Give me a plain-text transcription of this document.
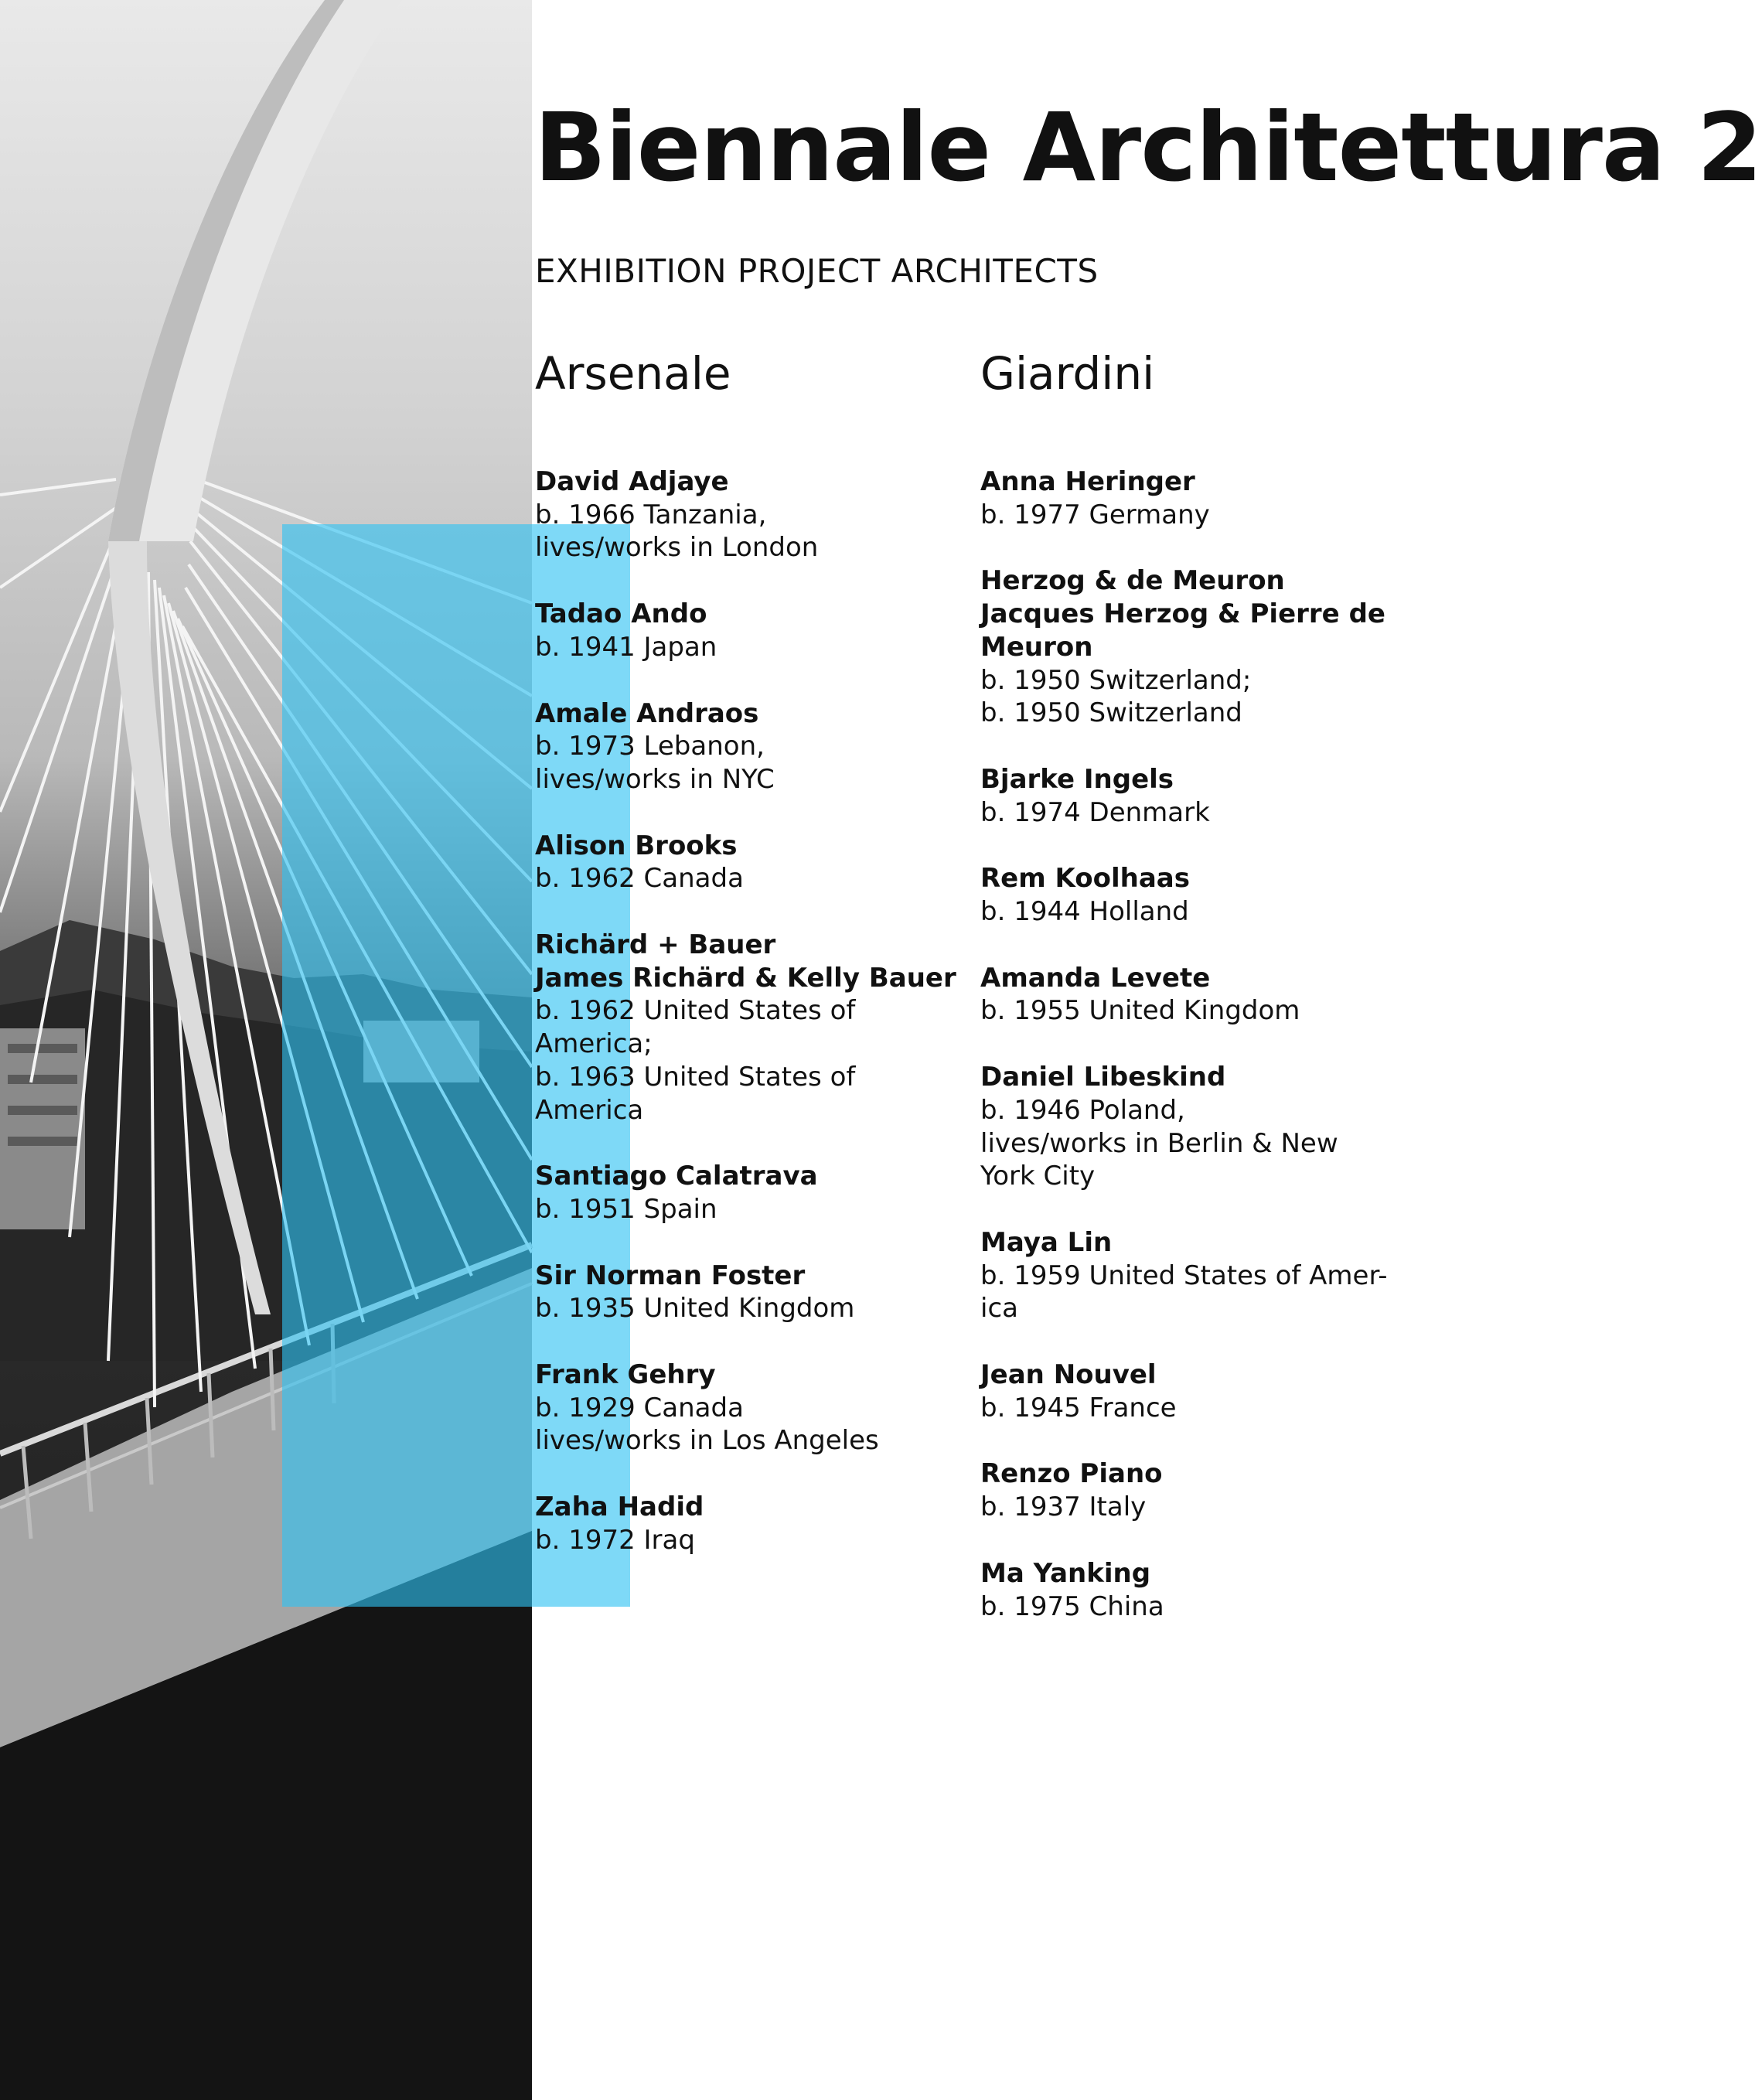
Biennale Architettura 2
EXHIBITION PROJECT ARCHITECTS
Arsenale
David Adjaye
b. 1966 Tanzania,
lives/works in London
Tadao Ando
b. 1941 Japan
Amale Andraos
b. 1973 Lebanon,
lives/works in NYC
Alison Brooks
b. 1962 Canada
Richärd + Bauer
James Richärd & Kelly Bauer
b. 1962 United States of
America;
b. 1963 United States of
America
Santiago Calatrava
b. 1951 Spain
Sir Norman Foster
b. 1935 United Kingdom
Frank Gehry
b. 1929 Canada
lives/works in Los Angeles
Zaha Hadid
b. 1972 Iraq
Giardini
Anna Heringer
b. 1977 Germany
Herzog & de Meuron
Jacques Herzog & Pierre de
Meuron
b. 1950 Switzerland;
b. 1950 Switzerland
Bjarke Ingels
b. 1974 Denmark
Rem Koolhaas
b. 1944 Holland
Amanda Levete
b. 1955 United Kingdom
Daniel Libeskind
b. 1946 Poland,
lives/works in Berlin & New
York City
Maya Lin
b. 1959 United States of Amer-
ica
Jean Nouvel
b. 1945 France
Renzo Piano
b. 1937 Italy
Ma Yanking
b. 1975 China
